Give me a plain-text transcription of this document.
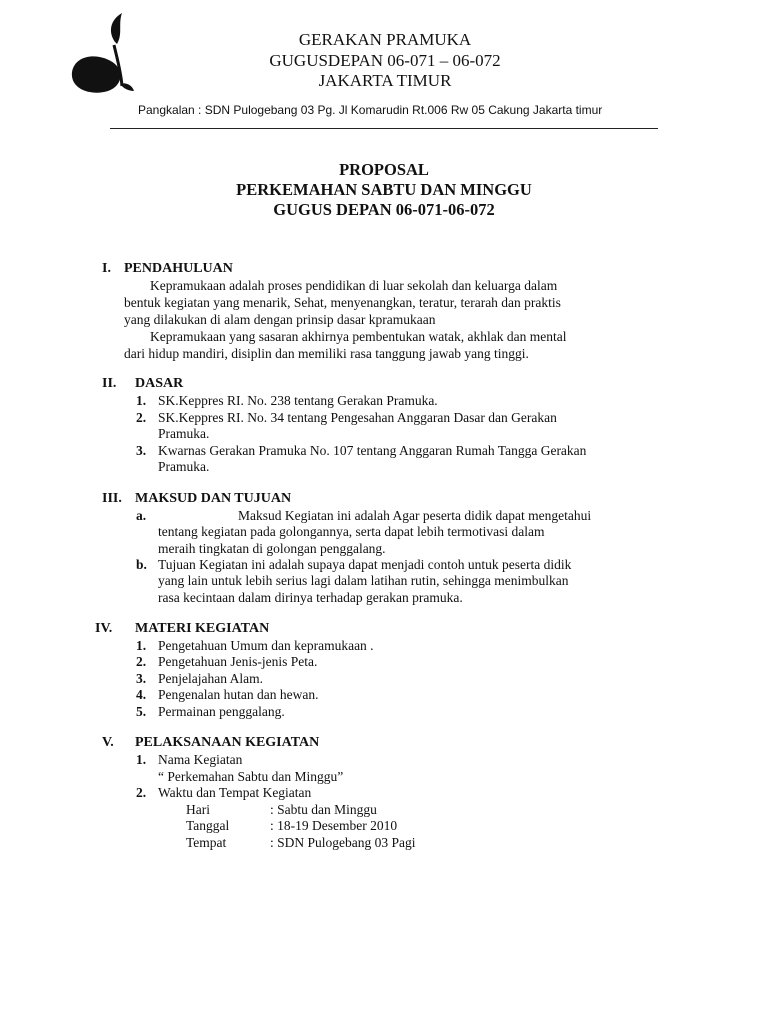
GERAKAN PRAMUKA
GUGUSDEPAN 06-071 – 06-072
JAKARTA TIMUR
Pangkalan : SDN Pulogebang 03 Pg. Jl Komarudin Rt.006 Rw 05 Cakung Jakarta timur
PROPOSAL
PERKEMAHAN SABTU DAN MINGGU
GUGUS DEPAN 06-071-06-072
I. PENDAHULUAN
Kepramukaan adalah proses pendidikan di luar sekolah dan keluarga dalam
bentuk kegiatan yang menarik, Sehat, menyenangkan, teratur, terarah dan praktis
yang dilakukan di alam dengan prinsip dasar kpramukaan
Kepramukaan yang sasaran akhirnya pembentukan watak, akhlak dan mental
dari hidup mandiri, disiplin dan memiliki rasa tanggung jawab yang tinggi.
II. DASAR
1. SK.Keppres RI. No. 238 tentang Gerakan Pramuka.
2. SK.Keppres RI. No. 34 tentang Pengesahan Anggaran Dasar dan Gerakan
Pramuka.
3. Kwarnas Gerakan Pramuka No. 107 tentang Anggaran Rumah Tangga Gerakan
Pramuka.
III. MAKSUD DAN TUJUAN
a.	Maksud Kegiatan ini adalah Agar peserta didik dapat mengetahui
tentang kegiatan pada golongannya, serta dapat lebih termotivasi dalam
meraih tingkatan di golongan penggalang.
b. Tujuan Kegiatan ini adalah supaya dapat menjadi contoh untuk peserta didik
yang lain untuk lebih serius lagi dalam latihan rutin, sehingga menimbulkan
rasa kecintaan dalam dirinya terhadap gerakan pramuka.
IV. MATERI KEGIATAN
1. Pengetahuan Umum dan kepramukaan .
2. Pengetahuan Jenis-jenis Peta.
3. Penjelajahan Alam.
4. Pengenalan hutan dan hewan.
5. Permainan penggalang.
V. PELAKSANAAN KEGIATAN
1. Nama Kegiatan
“ Perkemahan Sabtu dan Minggu”
2. Waktu dan Tempat Kegiatan
Hari	: Sabtu dan Minggu
Tanggal	: 18-19 Desember 2010
Tempat	: SDN Pulogebang 03 Pagi
